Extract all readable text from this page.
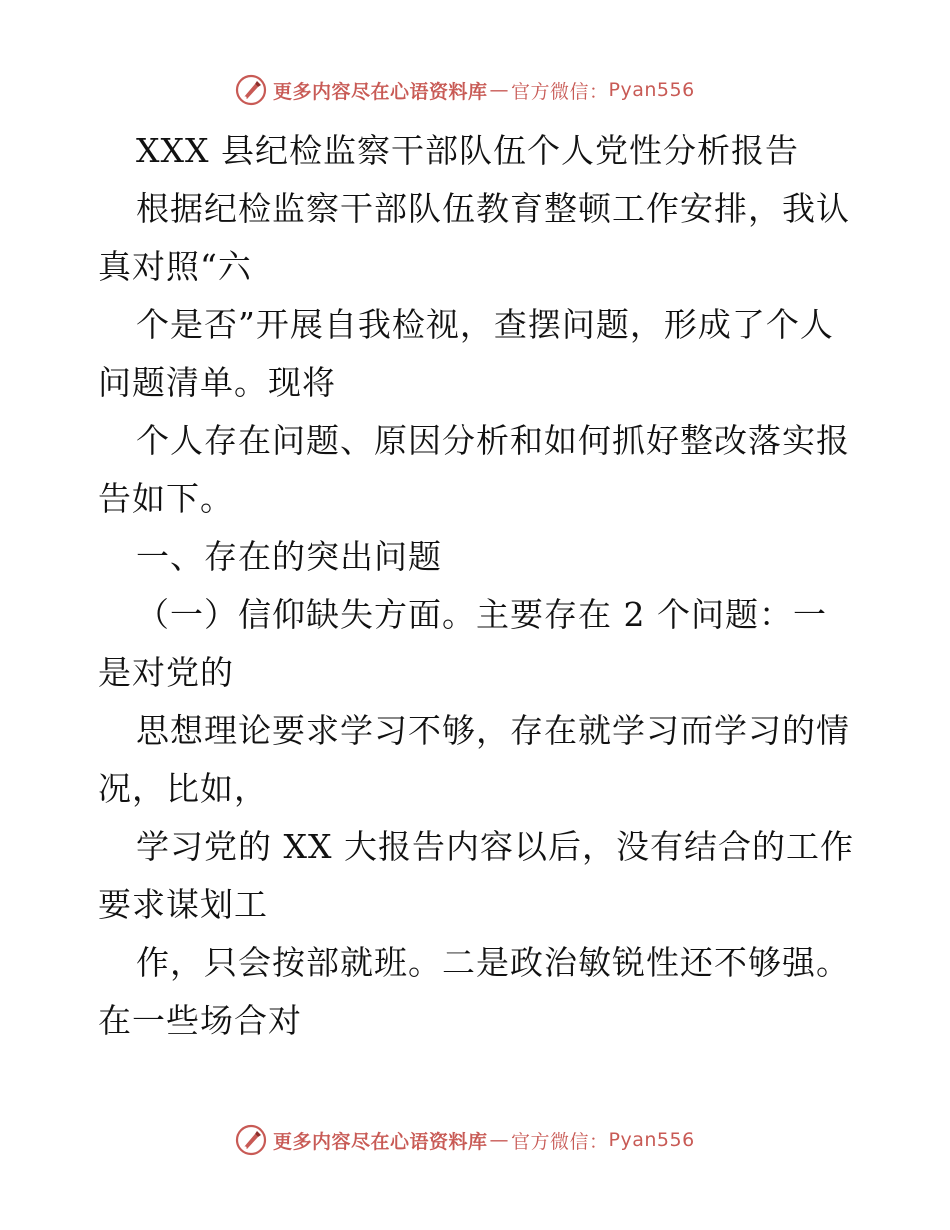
更多内容尽在心语资料库 — 官方微信： Pyan556
XXX 县纪检监察干部队伍个人党性分析报告
根据纪检监察干部队伍教育整顿工作安排，我认
真对照“六
个是否”开展自我检视，查摆问题，形成了个人
问题清单。现将
个人存在问题、原因分析和如何抓好整改落实报
告如下。
一、存在的突出问题
（一）信仰缺失方面。主要存在 2 个问题：一
是对党的
思想理论要求学习不够，存在就学习而学习的情
况，比如，
学习党的 XX 大报告内容以后，没有结合的工作
要求谋划工
作，只会按部就班。二是政治敏锐性还不够强。
在一些场合对
更多内容尽在心语资料库 — 官方微信： Pyan556
